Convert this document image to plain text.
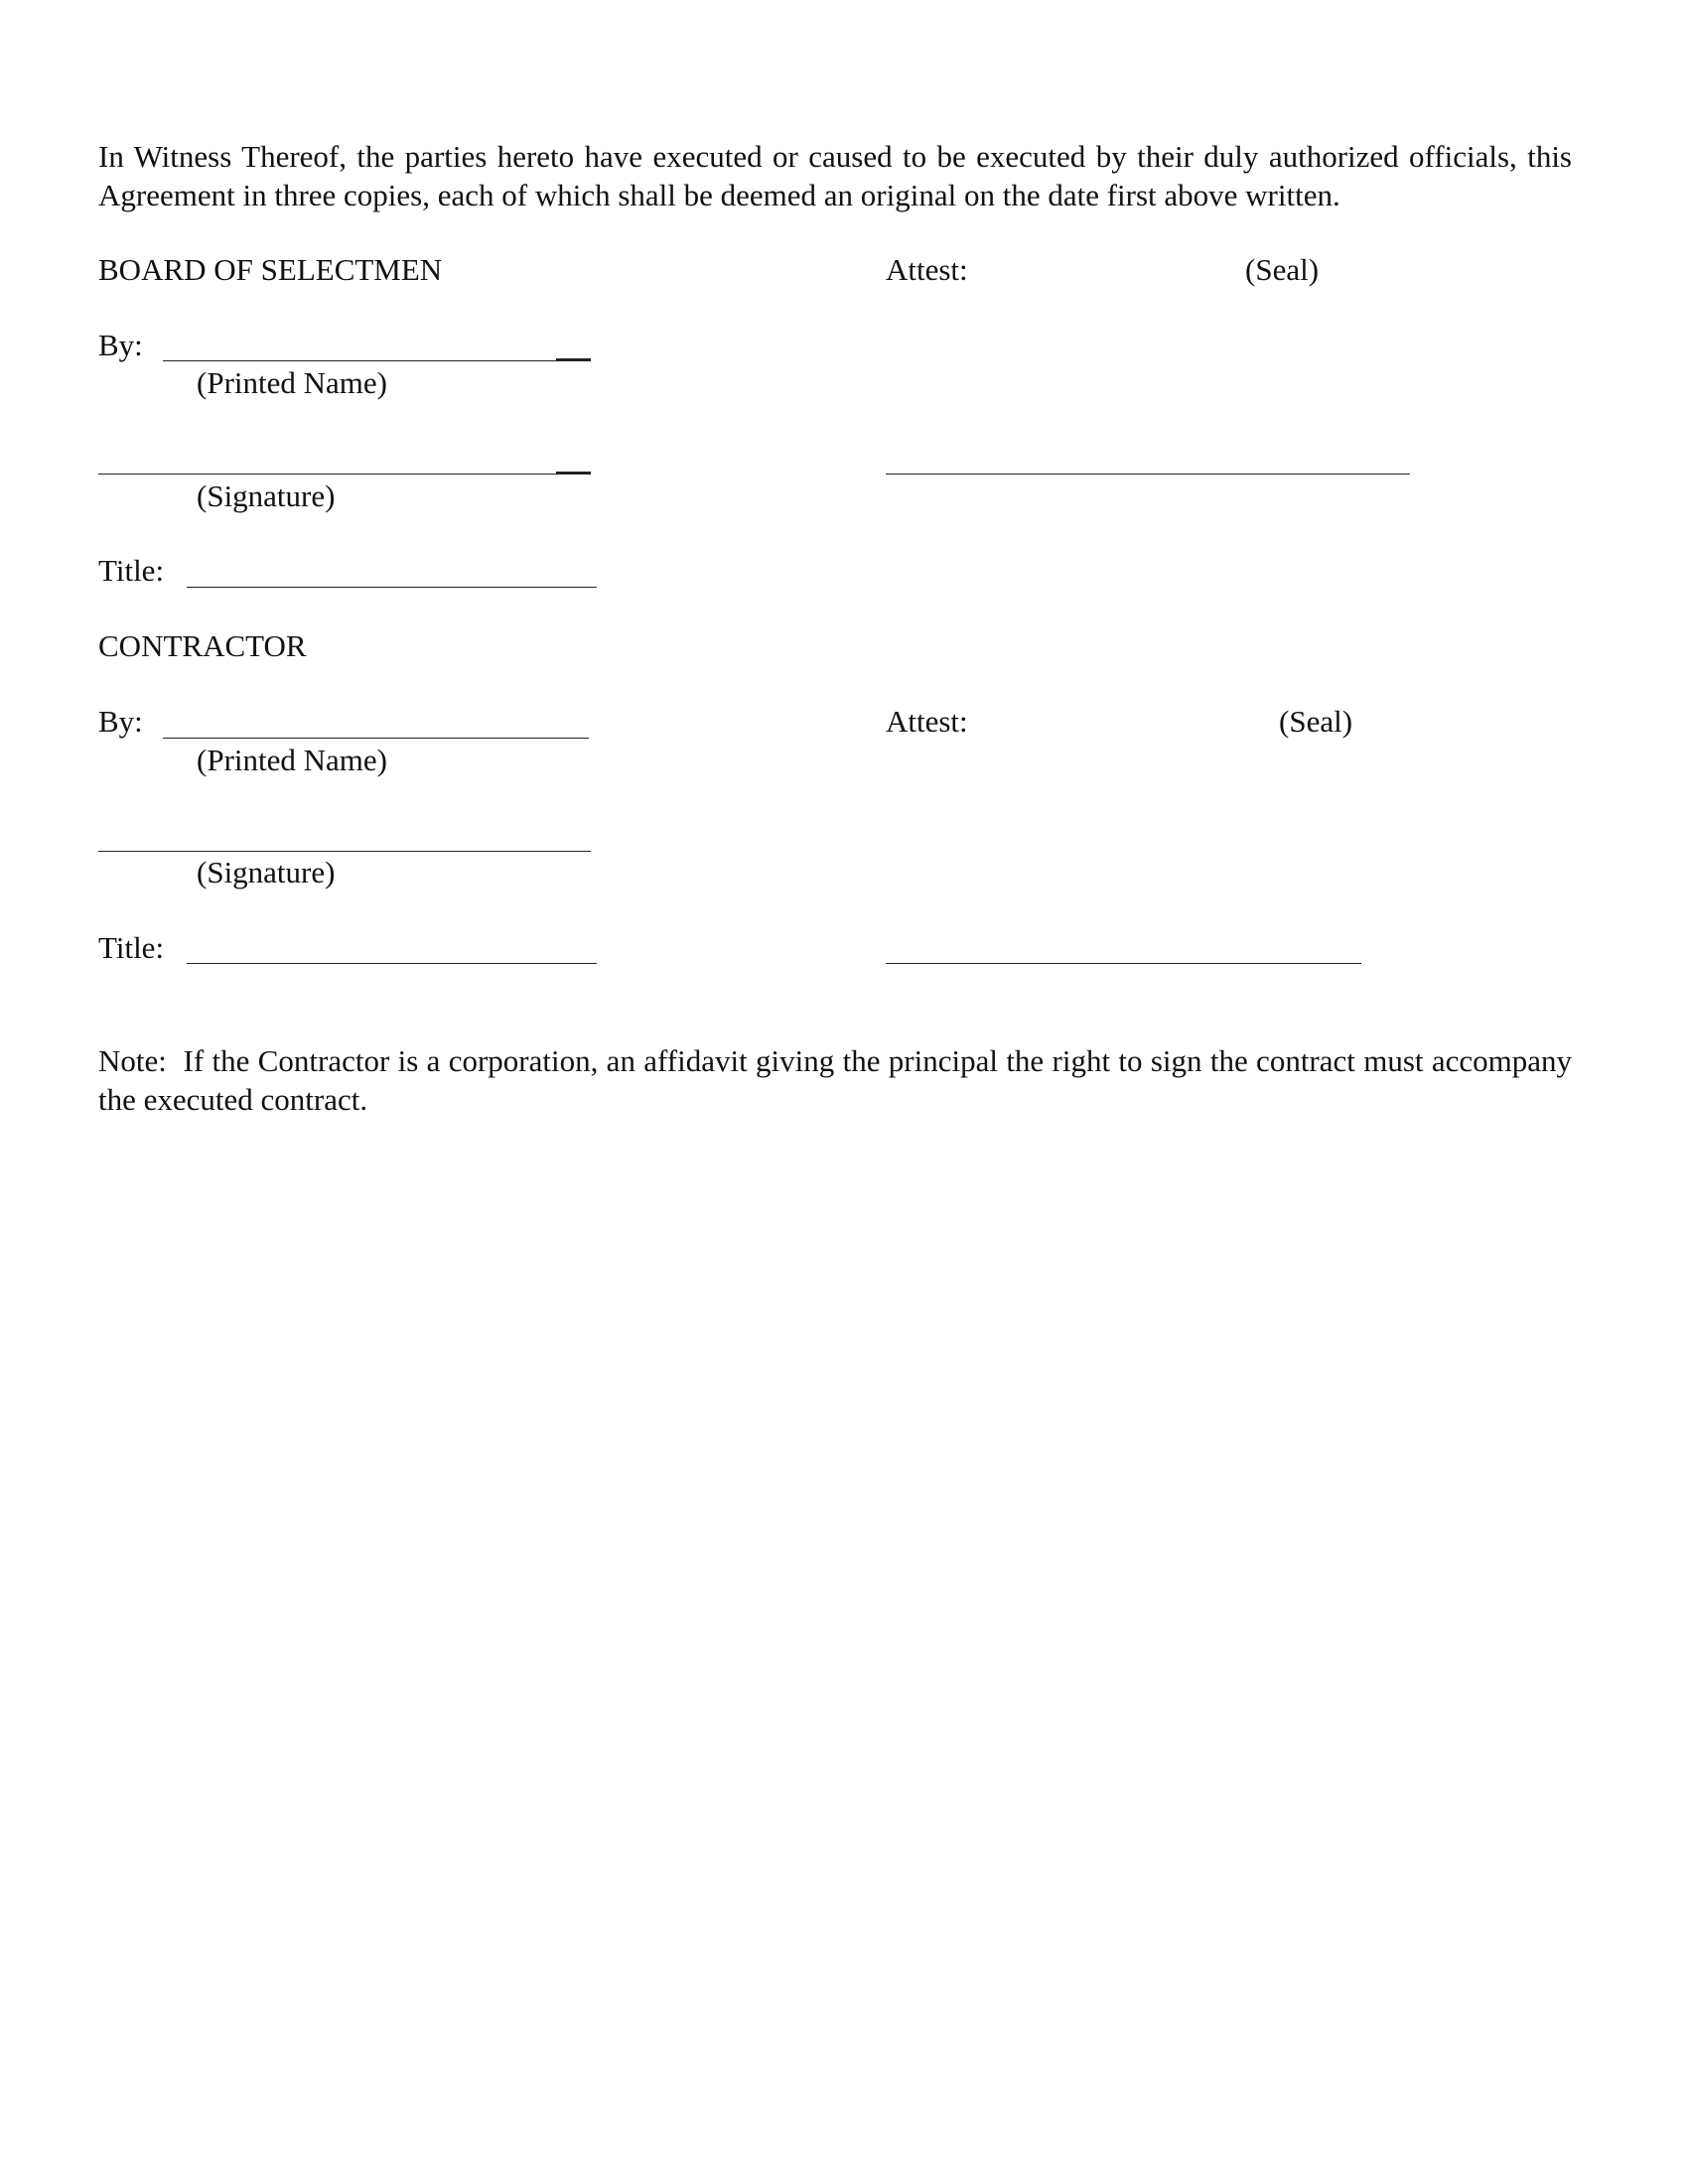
In Witness Thereof, the parties hereto have executed or caused to be executed by their duly authorized officials, this Agreement in three copies, each of which shall be deemed an original on the date first above written.
BOARD OF SELECTMEN	Attest:	(Seal)
By:
(Printed Name)
(Signature)
Title:
CONTRACTOR
By:	Attest:	(Seal)
(Printed Name)
(Signature)
Title:
Note:  If the Contractor is a corporation, an affidavit giving the principal the right to sign the contract must accompany the executed contract.
